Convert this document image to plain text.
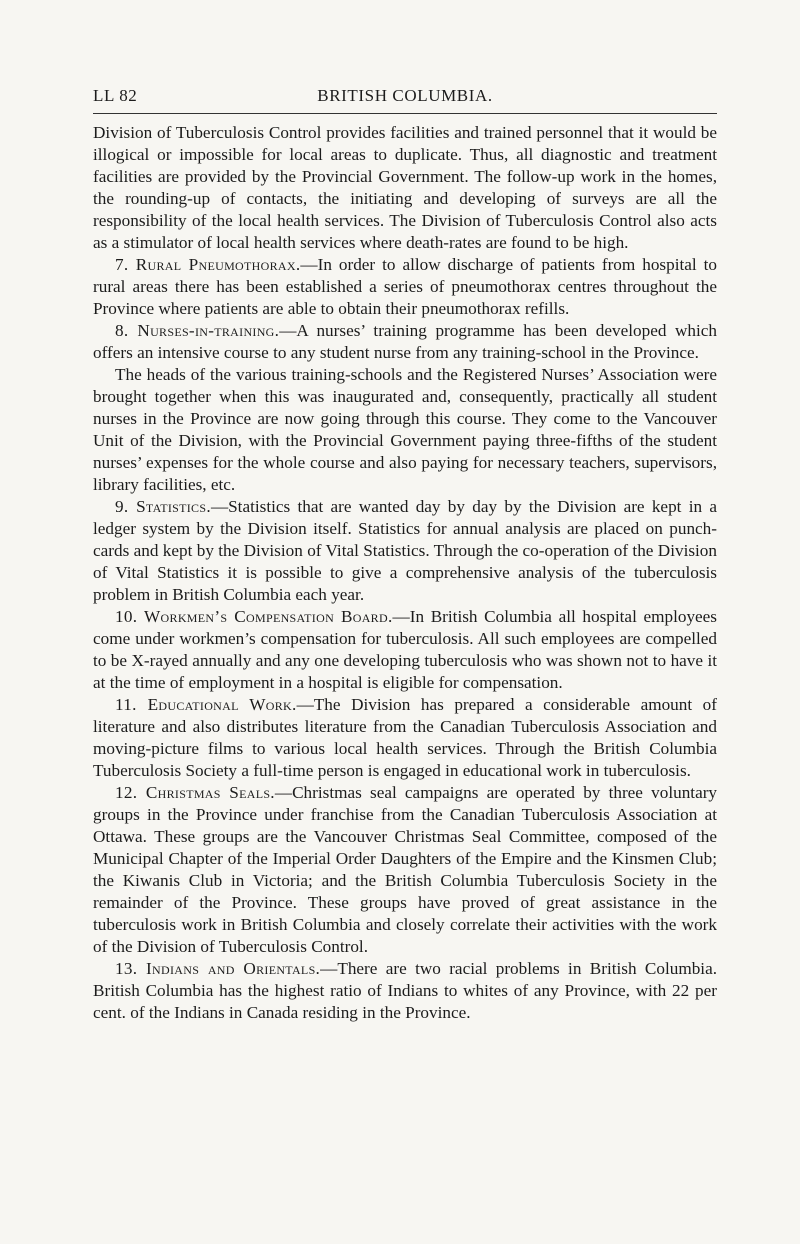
LL 82	BRITISH COLUMBIA.

Division of Tuberculosis Control provides facilities and trained personnel that it would be illogical or impossible for local areas to duplicate. Thus, all diagnostic and treatment facilities are provided by the Provincial Government. The follow-up work in the homes, the rounding-up of contacts, the initiating and developing of surveys are all the responsibility of the local health services. The Division of Tuberculosis Control also acts as a stimulator of local health services where death-rates are found to be high.

7. Rural Pneumothorax.—In order to allow discharge of patients from hospital to rural areas there has been established a series of pneumothorax centres throughout the Province where patients are able to obtain their pneumothorax refills.

8. Nurses-in-training.—A nurses’ training programme has been developed which offers an intensive course to any student nurse from any training-school in the Province.

The heads of the various training-schools and the Registered Nurses’ Association were brought together when this was inaugurated and, consequently, practically all student nurses in the Province are now going through this course. They come to the Vancouver Unit of the Division, with the Provincial Government paying three-fifths of the student nurses’ expenses for the whole course and also paying for necessary teachers, supervisors, library facilities, etc.

9. Statistics.—Statistics that are wanted day by day by the Division are kept in a ledger system by the Division itself. Statistics for annual analysis are placed on punch-cards and kept by the Division of Vital Statistics. Through the co-operation of the Division of Vital Statistics it is possible to give a comprehensive analysis of the tuberculosis problem in British Columbia each year.

10. Workmen’s Compensation Board.—In British Columbia all hospital employees come under workmen’s compensation for tuberculosis. All such employees are compelled to be X-rayed annually and any one developing tuberculosis who was shown not to have it at the time of employment in a hospital is eligible for compensation.

11. Educational Work.—The Division has prepared a considerable amount of literature and also distributes literature from the Canadian Tuberculosis Association and moving-picture films to various local health services. Through the British Columbia Tuberculosis Society a full-time person is engaged in educational work in tuberculosis.

12. Christmas Seals.—Christmas seal campaigns are operated by three voluntary groups in the Province under franchise from the Canadian Tuberculosis Association at Ottawa. These groups are the Vancouver Christmas Seal Committee, composed of the Municipal Chapter of the Imperial Order Daughters of the Empire and the Kinsmen Club; the Kiwanis Club in Victoria; and the British Columbia Tuberculosis Society in the remainder of the Province. These groups have proved of great assistance in the tuberculosis work in British Columbia and closely correlate their activities with the work of the Division of Tuberculosis Control.

13. Indians and Orientals.—There are two racial problems in British Columbia. British Columbia has the highest ratio of Indians to whites of any Province, with 22 per cent. of the Indians in Canada residing in the Province.
